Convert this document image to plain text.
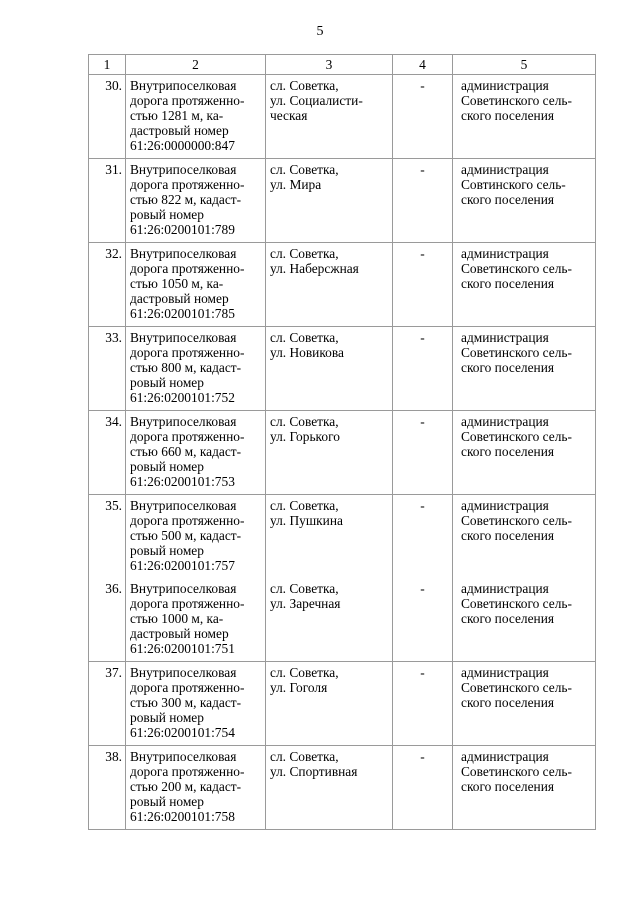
5
1	2	3	4	5
30.	Внутрипоселковая
дорога протяженно-
стью 1281 м, ка-
дастровый номер
61:26:0000000:847	сл. Советка,
ул. Социалисти-
ческая	-	администрация
Советинского сель-
ского поселения
31.	Внутрипоселковая
дорога протяженно-
стью 822 м, кадаст-
ровый номер
61:26:0200101:789	сл. Советка,
ул. Мира	-	администрация
Совтинского сель-
ского поселения
32.	Внутрипоселковая
дорога протяженно-
стью 1050 м, ка-
дастровый номер
61:26:0200101:785	сл. Советка,
ул. Наберсжная	-	администрация
Советинского сель-
ского поселения
33.	Внутрипоселковая
дорога протяженно-
стью 800 м, кадаст-
ровый номер
61:26:0200101:752	сл. Советка,
ул. Новикова	-	администрация
Советинского сель-
ского поселения
34.	Внутрипоселковая
дорога протяженно-
стью 660 м, кадаст-
ровый номер
61:26:0200101:753	сл. Советка,
ул. Горького	-	администрация
Советинского сель-
ского поселения
35.	Внутрипоселковая
дорога протяженно-
стью 500 м, кадаст-
ровый номер
61:26:0200101:757	сл. Советка,
ул. Пушкина	-	администрация
Советинского сель-
ского поселения
36.	Внутрипоселковая
дорога протяженно-
стью 1000 м, ка-
дастровый номер
61:26:0200101:751	сл. Советка,
ул. Заречная	-	администрация
Советинского сель-
ского поселения
37.	Внутрипоселковая
дорога протяженно-
стью 300 м, кадаст-
ровый номер
61:26:0200101:754	сл. Советка,
ул. Гоголя	-	администрация
Советинского сель-
ского поселения
38.	Внутрипоселковая
дорога протяженно-
стью 200 м, кадаст-
ровый номер
61:26:0200101:758	сл. Советка,
ул. Спортивная	-	администрация
Советинского сель-
ского поселения
